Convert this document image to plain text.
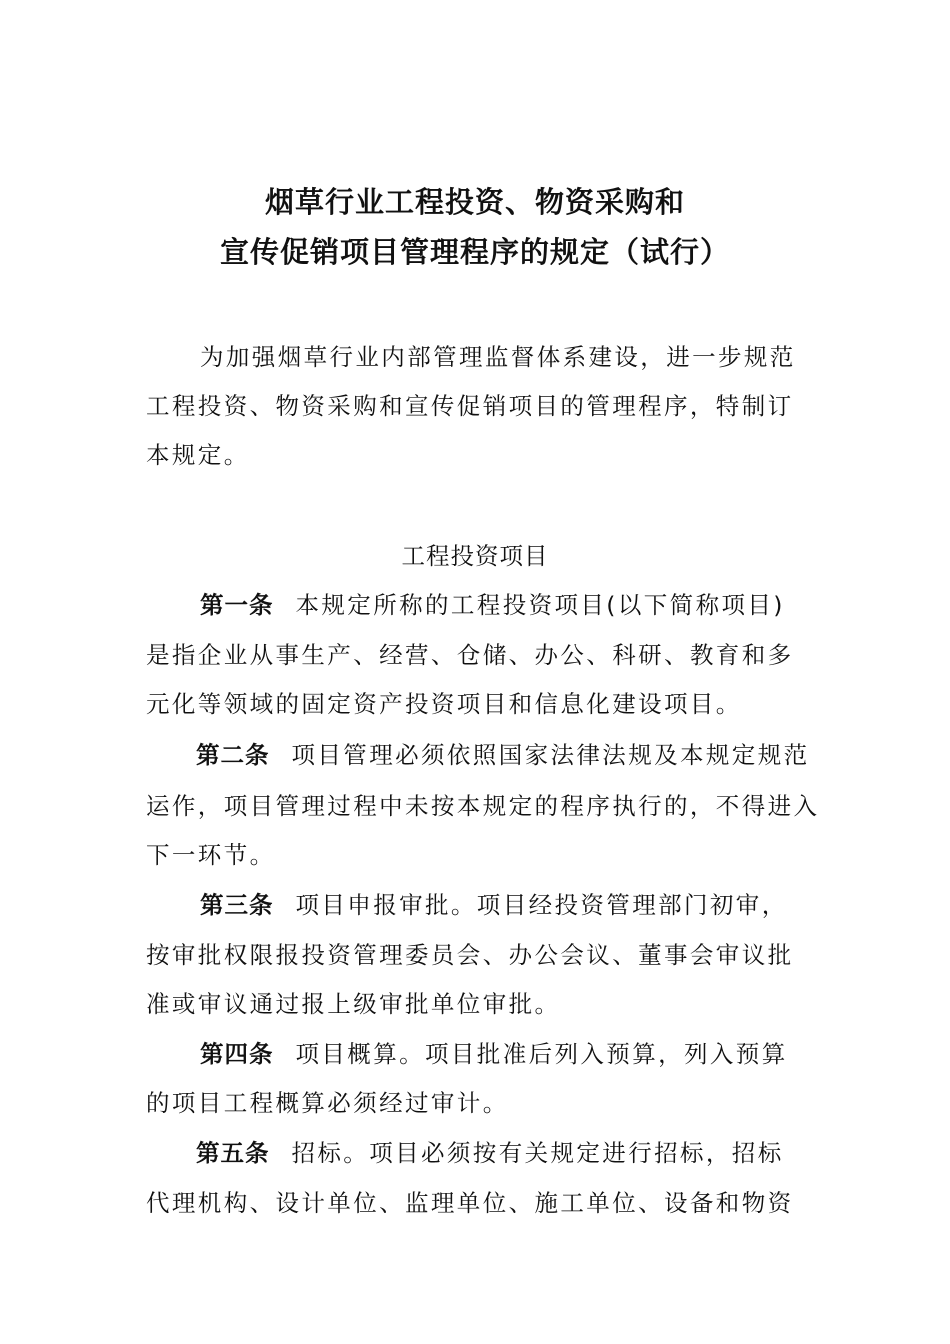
烟草行业工程投资、物资采购和
宣传促销项目管理程序的规定（试行）
为加强烟草行业内部管理监督体系建设，进一步规范
工程投资、物资采购和宣传促销项目的管理程序，特制订
本规定。
工程投资项目
第一条 本规定所称的工程投资项目(以下简称项目)
是指企业从事生产、经营、仓储、办公、科研、教育和多
元化等领域的固定资产投资项目和信息化建设项目。
第二条 项目管理必须依照国家法律法规及本规定规范
运作，项目管理过程中未按本规定的程序执行的，不得进入
下一环节。
第三条 项目申报审批。项目经投资管理部门初审，
按审批权限报投资管理委员会、办公会议、董事会审议批
准或审议通过报上级审批单位审批。
第四条 项目概算。项目批准后列入预算，列入预算
的项目工程概算必须经过审计。
第五条 招标。项目必须按有关规定进行招标，招标
代理机构、设计单位、监理单位、施工单位、设备和物资
